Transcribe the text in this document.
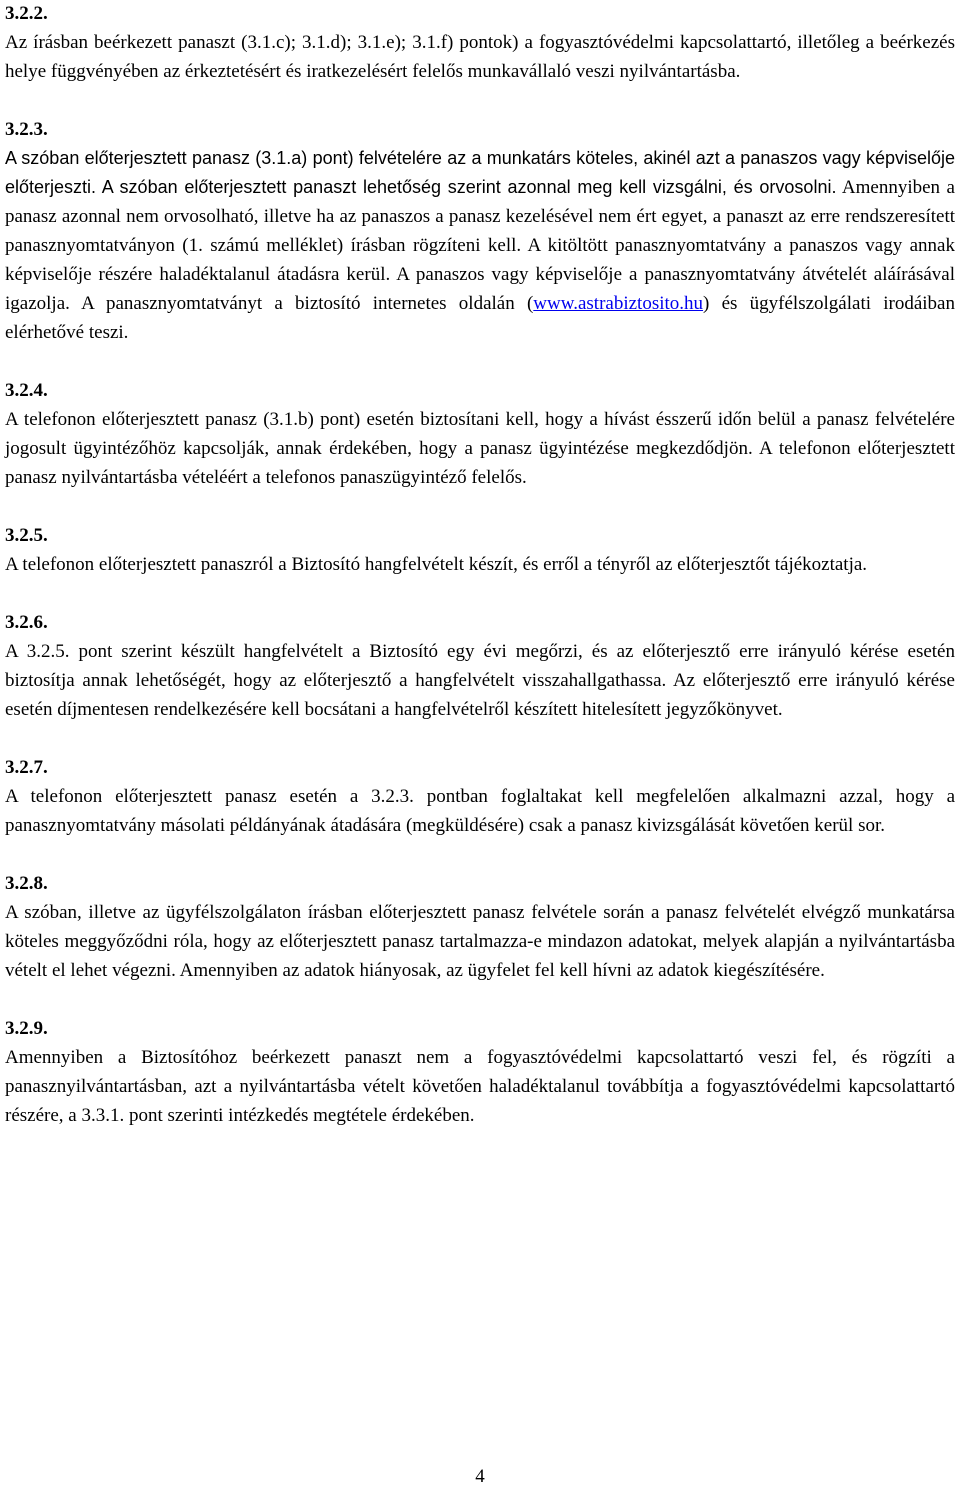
3.2.2.
Az írásban beérkezett panaszt (3.1.c); 3.1.d); 3.1.e); 3.1.f) pontok) a fogyasztóvédelmi kapcsolattartó, illetőleg a beérkezés helye függvényében az érkeztetésért és iratkezelésért felelős munkavállaló veszi nyilvántartásba.
3.2.3.
A szóban előterjesztett panasz (3.1.a) pont) felvételére az a munkatárs köteles, akinél azt a panaszos vagy képviselője előterjeszti. A szóban előterjesztett panaszt lehetőség szerint azonnal meg kell vizsgálni, és orvosolni. Amennyiben a panasz azonnal nem orvosolható, illetve ha az panaszos a panasz kezelésével nem ért egyet, a panaszt az erre rendszeresített panasznyomtatványon (1. számú melléklet) írásban rögzíteni kell. A kitöltött panasznyomtatvány a panaszos vagy annak képviselője részére haladéktalanul átadásra kerül. A panaszos vagy képviselője a panasznyomtatvány átvételét aláírásával igazolja. A panasznyomtatványt a biztosító internetes oldalán (www.astrabiztosito.hu) és ügyfélszolgálati irodáiban elérhetővé teszi.
3.2.4.
A telefonon előterjesztett panasz (3.1.b) pont) esetén biztosítani kell, hogy a hívást ésszerű időn belül a panasz felvételére jogosult ügyintézőhöz kapcsolják, annak érdekében, hogy a panasz ügyintézése megkezdődjön. A telefonon előterjesztett panasz nyilvántartásba vételéért a telefonos panaszügyintéző felelős.
3.2.5.
A telefonon előterjesztett panaszról a Biztosító hangfelvételt készít, és erről a tényről az előterjesztőt tájékoztatja.
3.2.6.
A 3.2.5. pont szerint készült hangfelvételt a Biztosító egy évi megőrzi, és az előterjesztő erre irányuló kérése esetén biztosítja annak lehetőségét, hogy az előterjesztő a hangfelvételt visszahallgathassa. Az előterjesztő erre irányuló kérése esetén díjmentesen rendelkezésére kell bocsátani a hangfelvételről készített hitelesített jegyzőkönyvet.
3.2.7.
A telefonon előterjesztett panasz esetén a 3.2.3. pontban foglaltakat kell megfelelően alkalmazni azzal, hogy a panasznyomtatvány másolati példányának átadására (megküldésére) csak a panasz kivizsgálását követően kerül sor.
3.2.8.
A szóban, illetve az ügyfélszolgálaton írásban előterjesztett panasz felvétele során a panasz felvételét elvégző munkatársa köteles meggyőződni róla, hogy az előterjesztett panasz tartalmazza-e mindazon adatokat, melyek alapján a nyilvántartásba vételt el lehet végezni. Amennyiben az adatok hiányosak, az ügyfelet fel kell hívni az adatok kiegészítésére.
3.2.9.
Amennyiben a Biztosítóhoz beérkezett panaszt nem a fogyasztóvédelmi kapcsolattartó veszi fel, és rögzíti a panasznyilvántartásban, azt a nyilvántartásba vételt követően haladéktalanul továbbítja a fogyasztóvédelmi kapcsolattartó részére, a 3.3.1. pont szerinti intézkedés megtétele érdekében.
4
